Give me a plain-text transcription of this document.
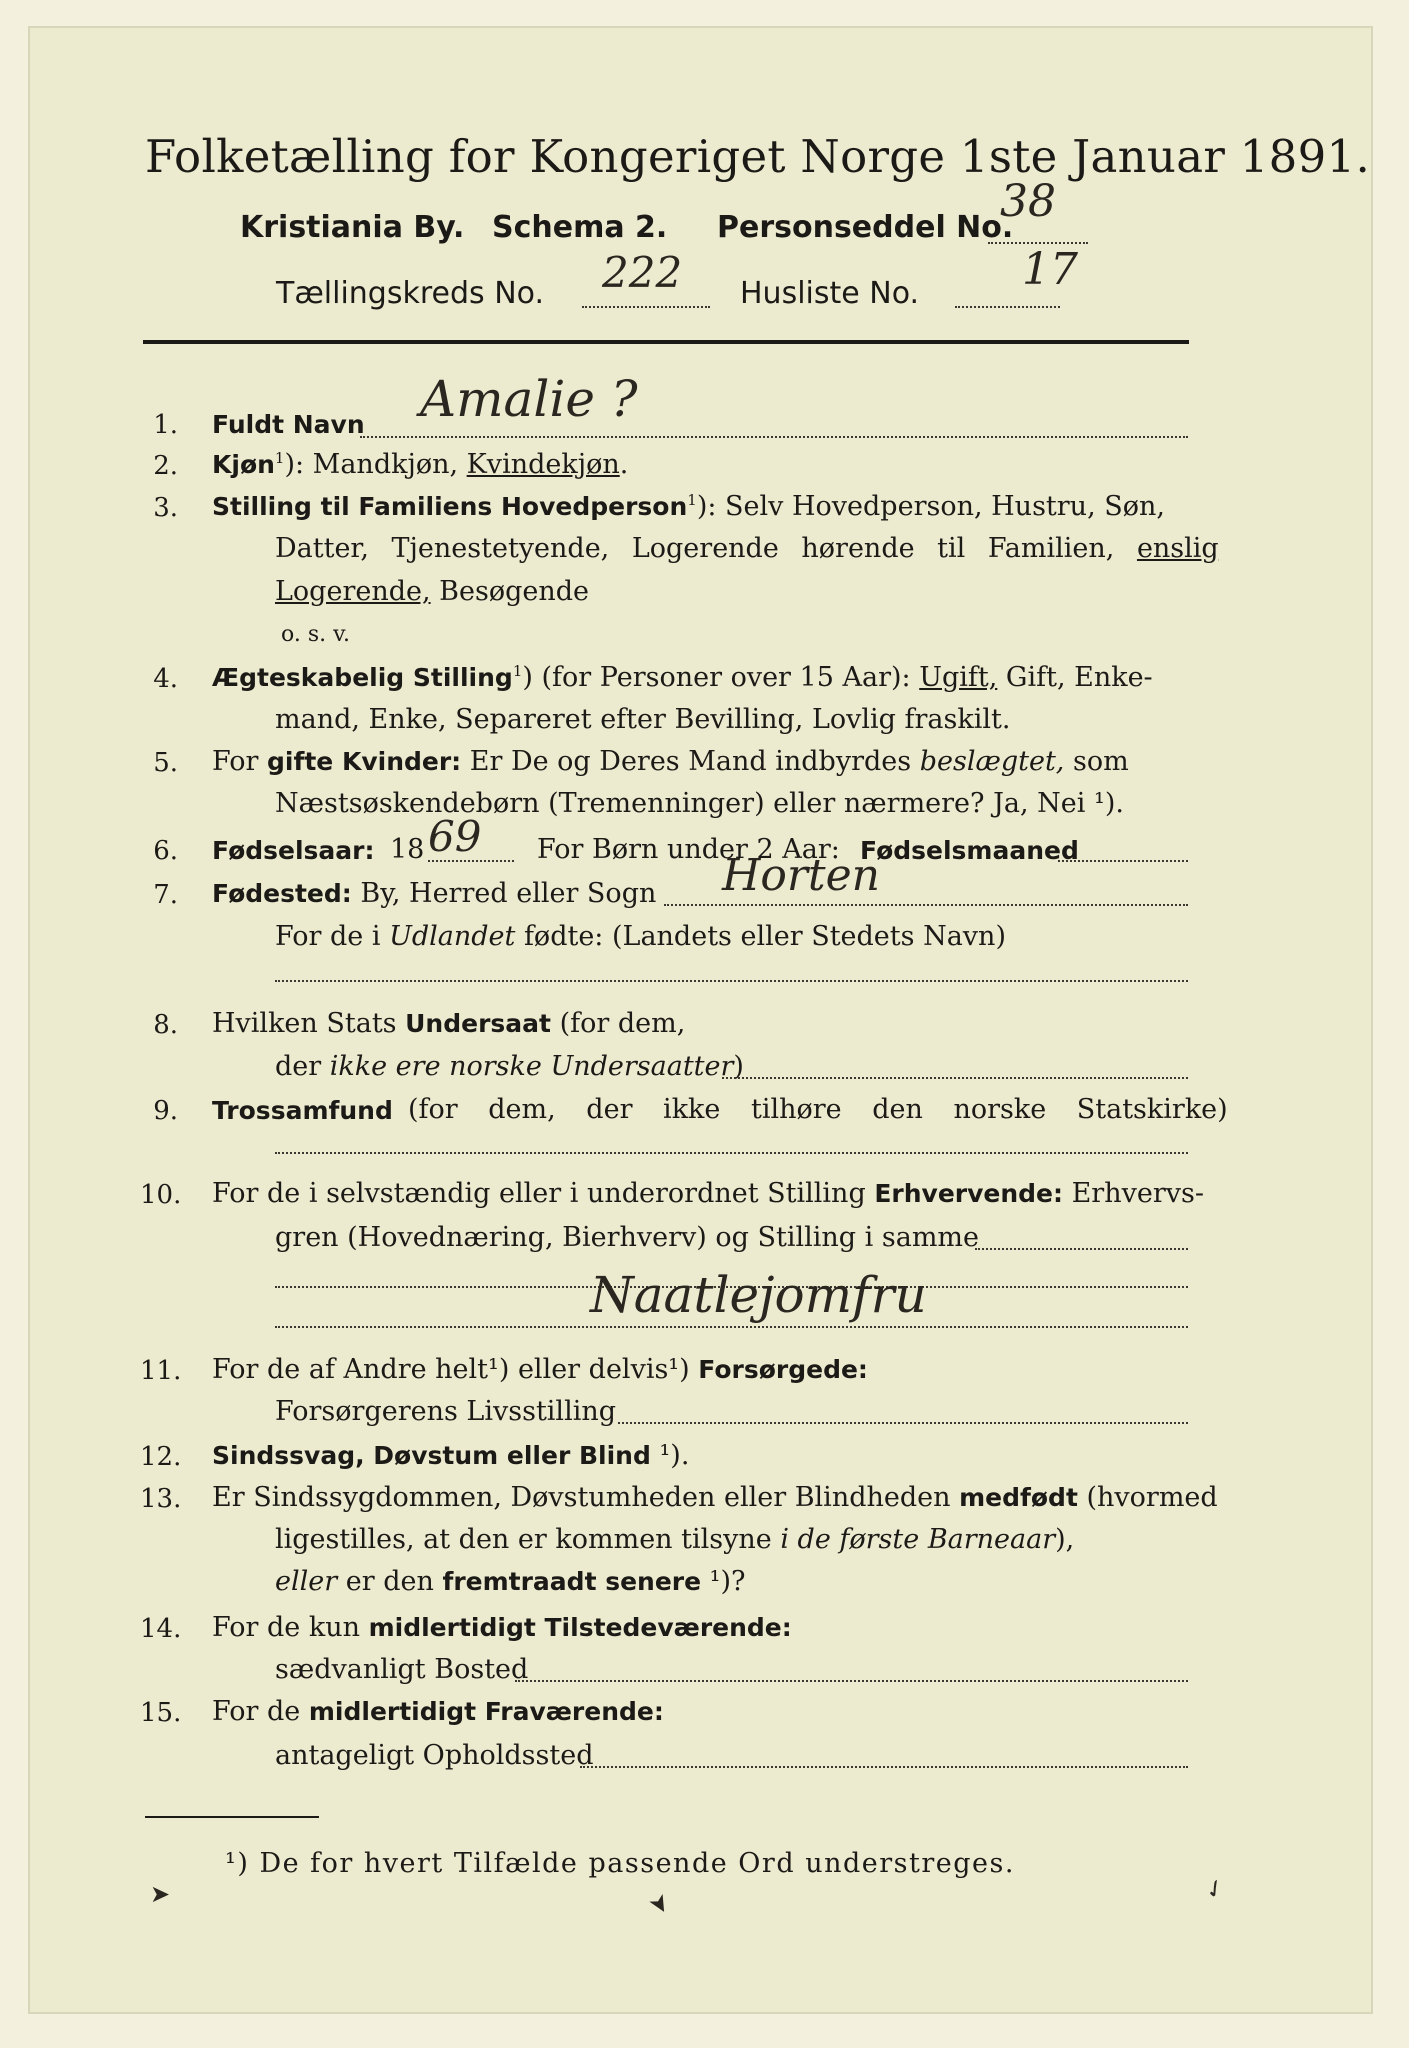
Folketælling for Kongeriget Norge 1ste Januar 1891.
Kristiania By. Schema 2. Personseddel No.
38
Tællingskreds No. 222 Husliste No. 17
1. Fuldt Navn Amalie ?
2. Kjøn$^1$): Mandkjøn, Kvindekjøn.
3. Stilling til Familiens Hovedperson$^1$): Selv Hovedperson, Hustru, Søn,
Datter, Tjenestetyende, Logerende hørende til Familien, enslig
Logerende, Besøgende
o. s. v.
4. Ægteskabelig Stilling$^1$) (for Personer over 15 Aar): Ugift, Gift, Enke-
mand, Enke, Separeret efter Bevilling, Lovlig fraskilt.
5. For gifte Kvinder: Er De og Deres Mand indbyrdes beslægtet, som
Næstsøskendebørn (Tremenninger) eller nærmere? Ja, Nei ¹).
6. Fødselsaar: 18 69 For Børn under 2 Aar: Fødselsmaaned
7. Fødested: By, Herred eller Sogn Horten
For de i Udlandet fødte: (Landets eller Stedets Navn)
8. Hvilken Stats Undersaat (for dem,
der ikke ere norske Undersaatter)
9. Trossamfund (for dem, der ikke tilhøre den norske Statskirke)
10. For de i selvstændig eller i underordnet Stilling Erhvervende: Erhvervs-
gren (Hovednæring, Bierhverv) og Stilling i samme
Naatlejomfru
11. For de af Andre helt¹) eller delvis¹) Forsørgede:
Forsørgerens Livsstilling
12. Sindssvag, Døvstum eller Blind ¹).
13. Er Sindssygdommen, Døvstumheden eller Blindheden medfødt (hvormed
ligestilles, at den er kommen tilsyne i de første Barneaar),
eller er den fremtraadt senere ¹)?
14. For de kun midlertidigt Tilstedeværende:
sædvanligt Bosted
15. For de midlertidigt Fraværende:
antageligt Opholdssted
¹) De for hvert Tilfælde passende Ord understreges.
➤	➤	✓
